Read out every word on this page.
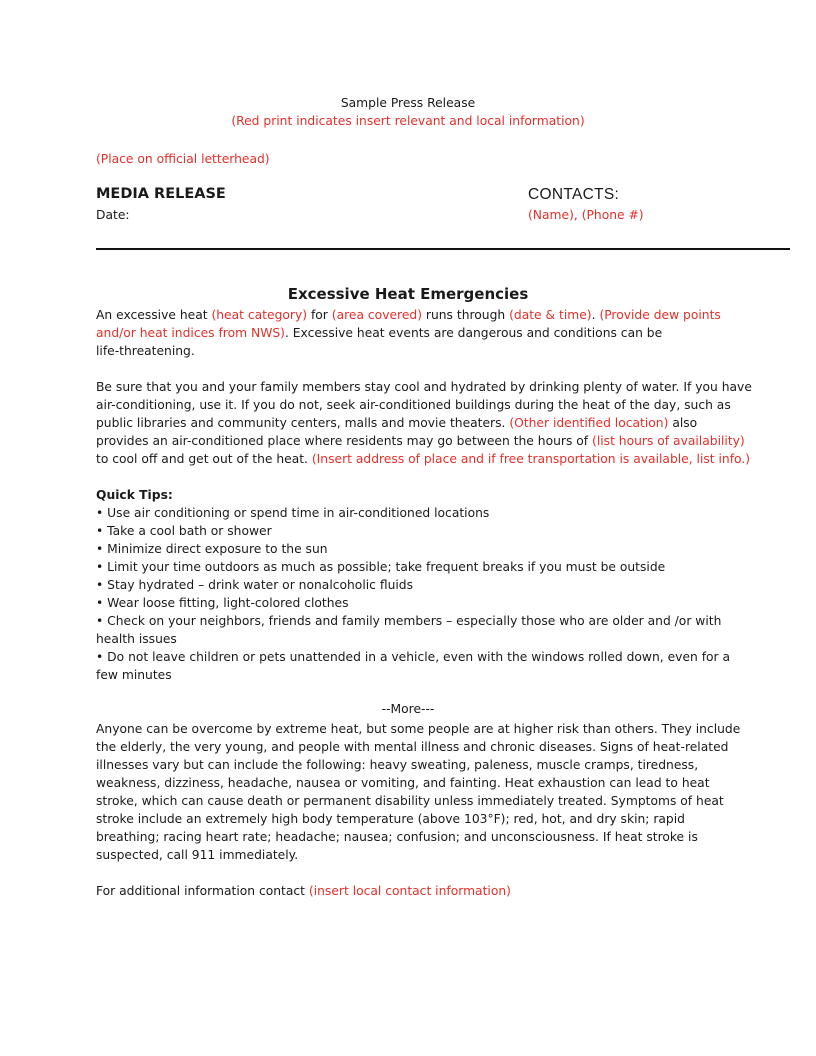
Sample Press Release
(Red print indicates insert relevant and local information)
(Place on official letterhead)
MEDIA RELEASE
Date:
CONTACTS:
(Name), (Phone #)
Excessive Heat Emergencies
An excessive heat (heat category) for (area covered) runs through (date & time). (Provide dew points
and/or heat indices from NWS). Excessive heat events are dangerous and conditions can be
life-threatening.
Be sure that you and your family members stay cool and hydrated by drinking plenty of water. If you have
air-conditioning, use it. If you do not, seek air-conditioned buildings during the heat of the day, such as
public libraries and community centers, malls and movie theaters. (Other identified location) also
provides an air-conditioned place where residents may go between the hours of (list hours of availability)
to cool off and get out of the heat. (Insert address of place and if free transportation is available, list info.)
Quick Tips:
• Use air conditioning or spend time in air-conditioned locations
• Take a cool bath or shower
• Minimize direct exposure to the sun
• Limit your time outdoors as much as possible; take frequent breaks if you must be outside
• Stay hydrated – drink water or nonalcoholic fluids
• Wear loose fitting, light-colored clothes
• Check on your neighbors, friends and family members – especially those who are older and /or with
health issues
• Do not leave children or pets unattended in a vehicle, even with the windows rolled down, even for a
few minutes
--More---
Anyone can be overcome by extreme heat, but some people are at higher risk than others. They include
the elderly, the very young, and people with mental illness and chronic diseases. Signs of heat-related
illnesses vary but can include the following: heavy sweating, paleness, muscle cramps, tiredness,
weakness, dizziness, headache, nausea or vomiting, and fainting. Heat exhaustion can lead to heat
stroke, which can cause death or permanent disability unless immediately treated. Symptoms of heat
stroke include an extremely high body temperature (above 103°F); red, hot, and dry skin; rapid
breathing; racing heart rate; headache; nausea; confusion; and unconsciousness. If heat stroke is
suspected, call 911 immediately.
For additional information contact (insert local contact information)
